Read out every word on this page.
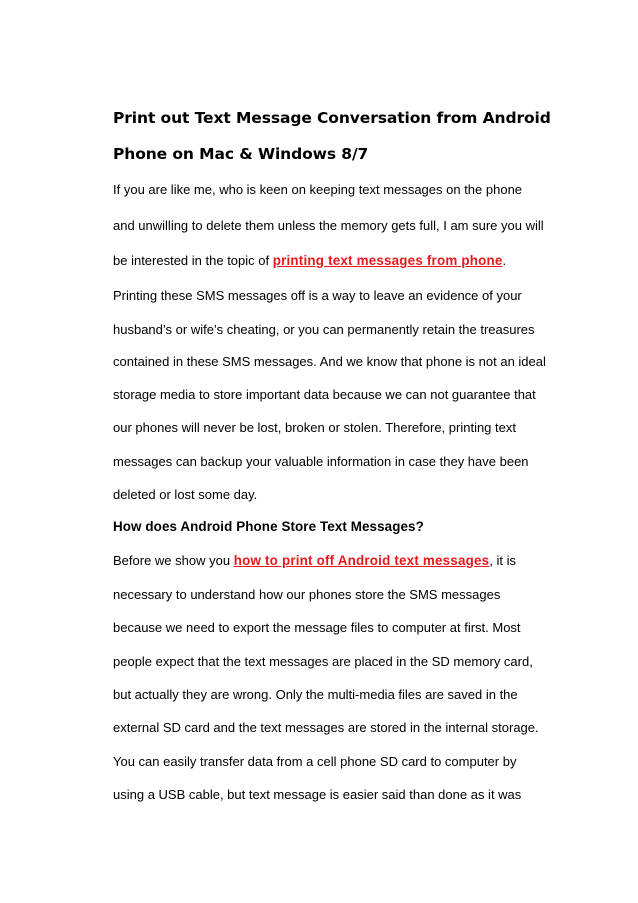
Print out Text Message Conversation from Android
Phone on Mac & Windows 8/7
If you are like me, who is keen on keeping text messages on the phone
and unwilling to delete them unless the memory gets full, I am sure you will
be interested in the topic of printing text messages from phone.
Printing these SMS messages off is a way to leave an evidence of your
husband’s or wife’s cheating, or you can permanently retain the treasures
contained in these SMS messages. And we know that phone is not an ideal
storage media to store important data because we can not guarantee that
our phones will never be lost, broken or stolen. Therefore, printing text
messages can backup your valuable information in case they have been
deleted or lost some day.
How does Android Phone Store Text Messages?
Before we show you how to print off Android text messages, it is
necessary to understand how our phones store the SMS messages
because we need to export the message files to computer at first. Most
people expect that the text messages are placed in the SD memory card,
but actually they are wrong. Only the multi-media files are saved in the
external SD card and the text messages are stored in the internal storage.
You can easily transfer data from a cell phone SD card to computer by
using a USB cable, but text message is easier said than done as it was
